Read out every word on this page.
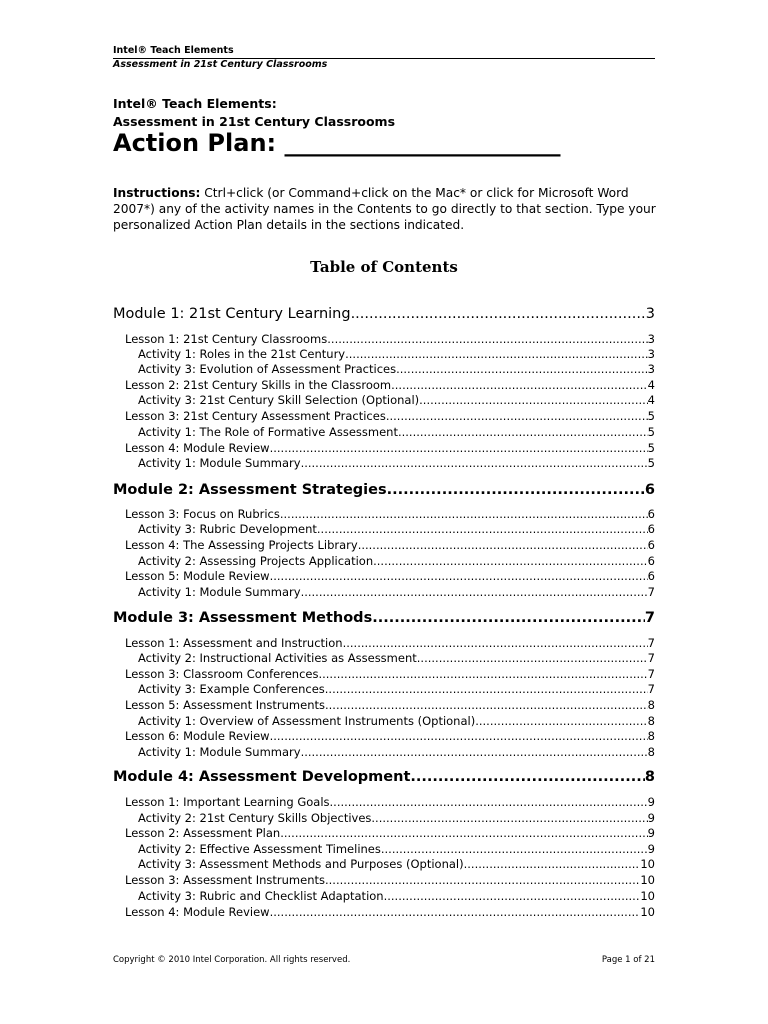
Intel® Teach Elements
Assessment in 21st Century Classrooms
Intel® Teach Elements:
Assessment in 21st Century Classrooms
Action Plan: _______________________
Instructions: Ctrl+click (or Command+click on the Mac* or click for Microsoft Word 2007*) any of the activity names in the Contents to go directly to that section. Type your personalized Action Plan details in the sections indicated.
Table of Contents
Module 1: 21st Century Learning .....	3
Lesson 1: 21st Century Classrooms .....	3
Activity 1: Roles in the 21st Century .....	3
Activity 3: Evolution of Assessment Practices .....	3
Lesson 2: 21st Century Skills in the Classroom .....	4
Activity 3: 21st Century Skill Selection (Optional) .....	4
Lesson 3: 21st Century Assessment Practices .....	5
Activity 1: The Role of Formative Assessment .....	5
Lesson 4: Module Review .....	5
Activity 1: Module Summary .....	5
Module 2: Assessment Strategies .....	6
Lesson 3: Focus on Rubrics .....	6
Activity 3: Rubric Development .....	6
Lesson 4: The Assessing Projects Library .....	6
Activity 2: Assessing Projects Application .....	6
Lesson 5: Module Review .....	6
Activity 1: Module Summary .....	7
Module 3: Assessment Methods .....	7
Lesson 1: Assessment and Instruction .....	7
Activity 2: Instructional Activities as Assessment .....	7
Lesson 3: Classroom Conferences .....	7
Activity 3: Example Conferences .....	7
Lesson 5: Assessment Instruments .....	8
Activity 1: Overview of Assessment Instruments (Optional) .....	8
Lesson 6: Module Review .....	8
Activity 1: Module Summary .....	8
Module 4: Assessment Development .....	8
Lesson 1: Important Learning Goals .....	9
Activity 2: 21st Century Skills Objectives .....	9
Lesson 2: Assessment Plan .....	9
Activity 2: Effective Assessment Timelines .....	9
Activity 3: Assessment Methods and Purposes (Optional) .....	10
Lesson 3: Assessment Instruments .....	10
Activity 3: Rubric and Checklist Adaptation .....	10
Lesson 4: Module Review .....	10
Copyright © 2010 Intel Corporation. All rights reserved.	Page 1 of 21
